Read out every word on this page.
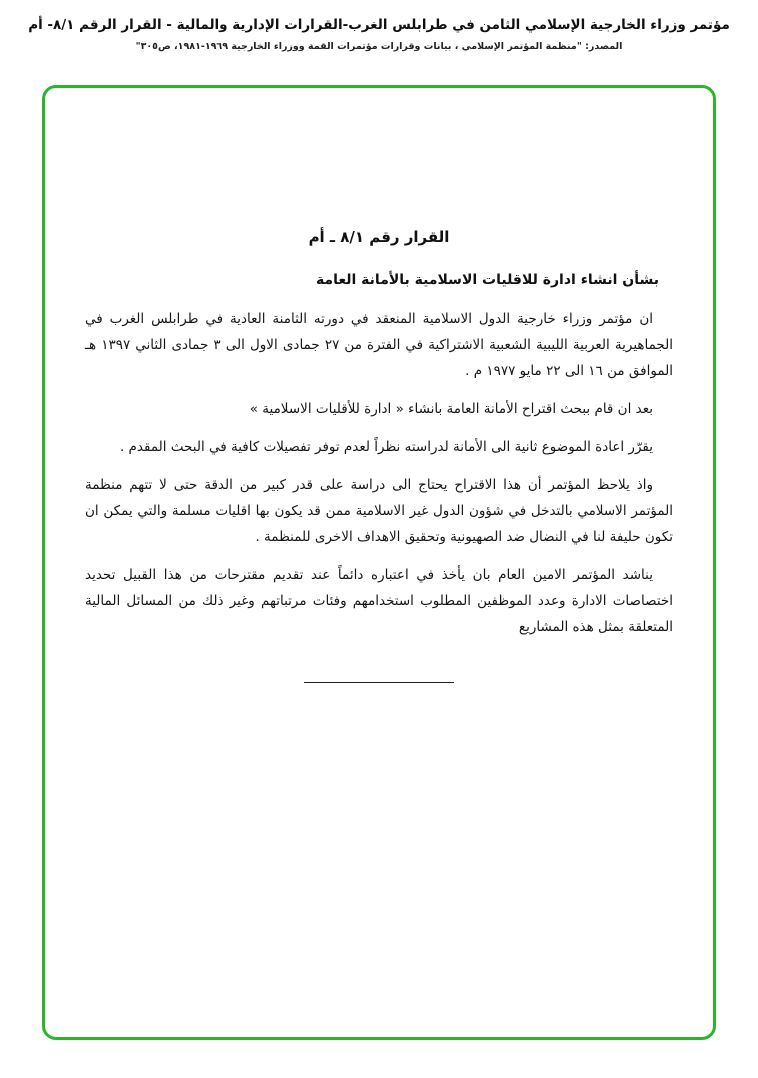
مؤتمر وزراء الخارجية الإسلامي الثامن في طرابلس الغرب-القرارات الإدارية والمالية - القرار الرقم ٨/١- أم
المصدر: "منظمة المؤتمر الإسلامي ، بيانات وقرارات مؤتمرات القمة ووزراء الخارجية ١٩٦٩-١٩٨١، ص٣٠٥"
القرار رقم ٨/١ ـ أم
بشأن انشاء ادارة للاقليات الاسلامية بالأمانة العامة

ان مؤتمر وزراء خارجية الدول الاسلامية المنعقد في دورته الثامنة العادية في طرابلس الغرب في الجماهيرية العربية الليبية الشعبية الاشتراكية في الفترة من ٢٧ جمادى الاول الى ٣ جمادى الثاني ١٣٩٧ هـ الموافق من ١٦ الى ٢٢ مايو ١٩٧٧ م .

بعد ان قام ببحث اقتراح الأمانة العامة بانشاء « ادارة للأقليات الاسلامية »

يقرّر اعادة الموضوع ثانية الى الأمانة لدراسته نظراً لعدم توفر تفصيلات كافية في البحث المقدم .

واذ يلاحظ المؤتمر أن هذا الاقتراح يحتاج الى دراسة على قدر كبير من الدقة حتى لا تتهم منظمة المؤتمر الاسلامي بالتدخل في شؤون الدول غير الاسلامية ممن قد يكون بها اقليات مسلمة والتي يمكن ان تكون حليفة لنا في النضال ضد الصهيونية وتحقيق الاهداف الاخرى للمنظمة .

يناشد المؤتمر الامين العام بان يأخذ في اعتباره دائماً عند تقديم مقترحات من هذا القبيل تحديد اختصاصات الادارة وعدد الموظفين المطلوب استخدامهم وفئات مرتباتهم وغير ذلك من المسائل المالية المتعلقة بمثل هذه المشاريع
